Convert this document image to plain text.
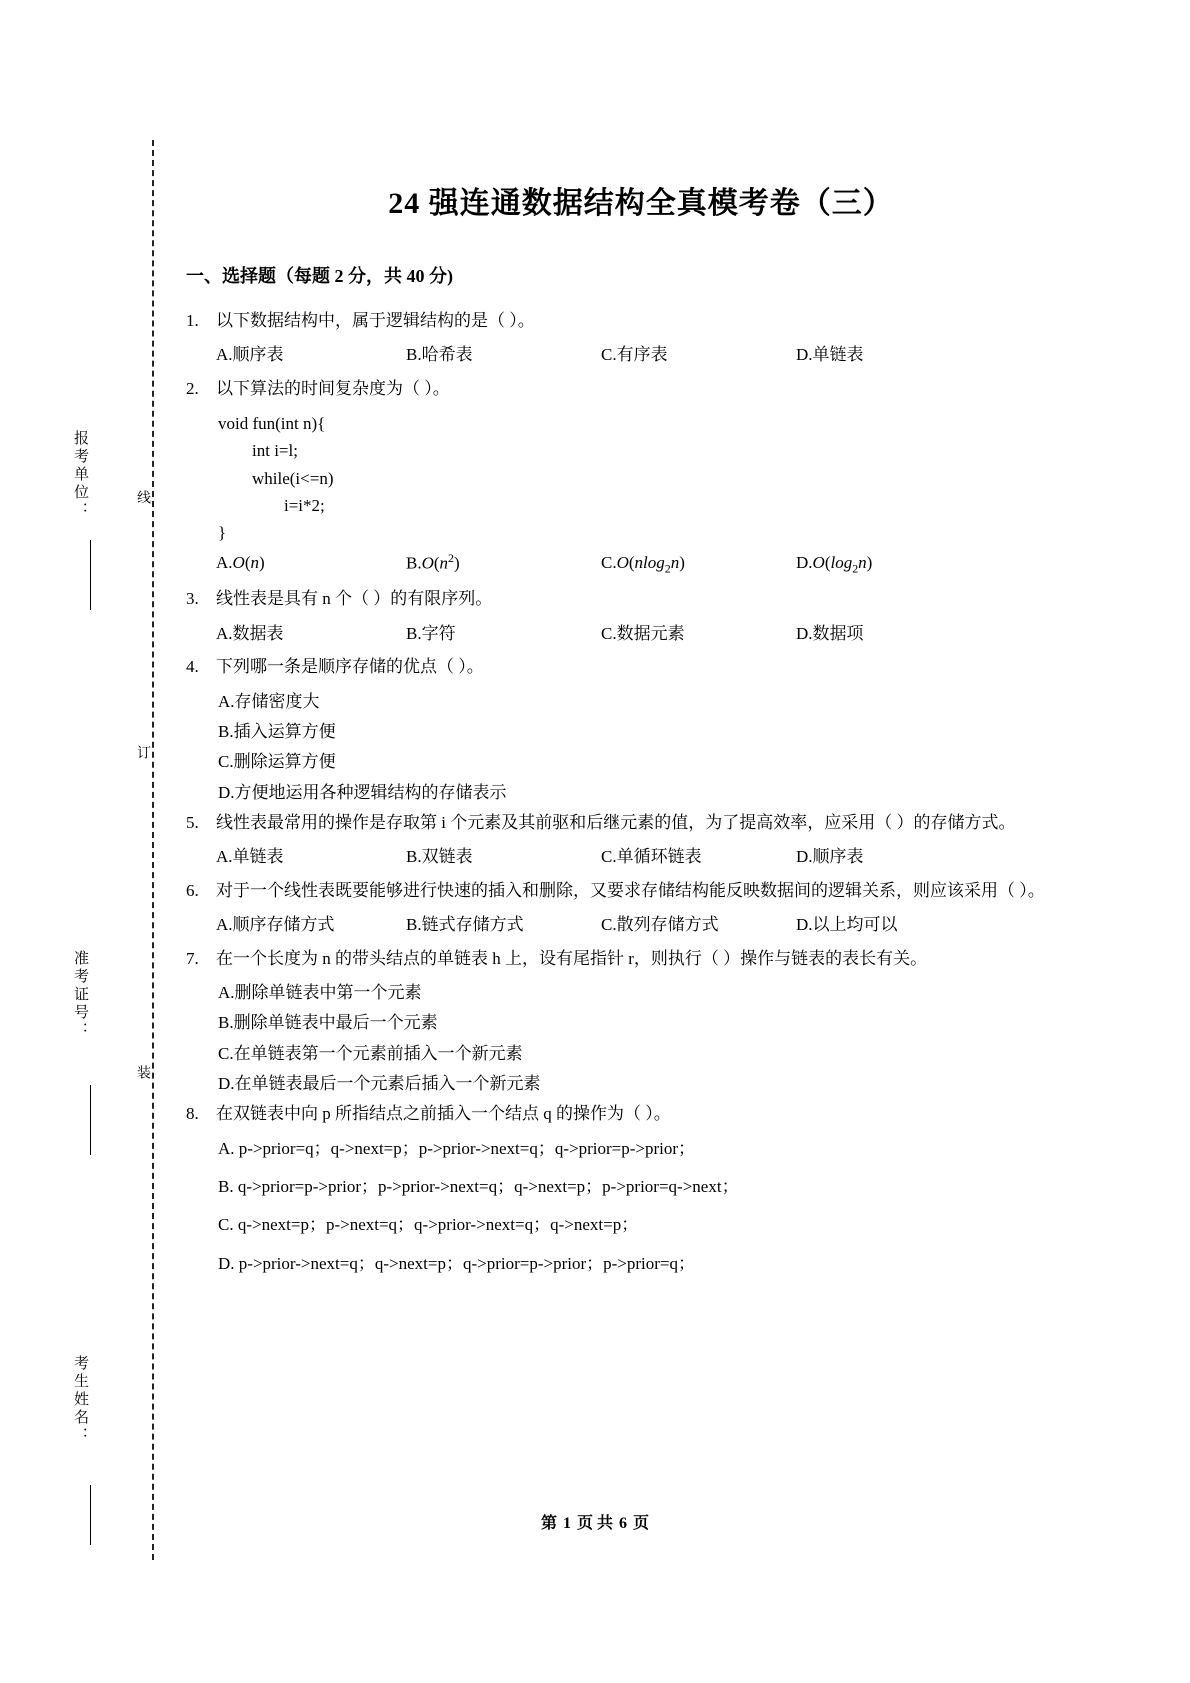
报考单位：
准考证号：
考生姓名：
线
订
装
24 强连通数据结构全真模考卷（三）
一、选择题（每题 2 分，共 40 分)
1.	以下数据结构中，属于逻辑结构的是（ ）。
A.顺序表	B.哈希表	C.有序表	D.单链表
2.	以下算法的时间复杂度为（ ）。
void fun(int n){
int i=l;
while(i<=n)
i=i*2;
}
A.O(n)	$B.O(n^2)$	C.O(nlog$_2$n)	$D.O(\log_2n)$
3.	线性表是具有 n 个（ ）的有限序列。
A.数据表	B.字符	C.数据元素	D.数据项
4.	下列哪一条是顺序存储的优点（ ）。
A.存储密度大
B.插入运算方便
C.删除运算方便
D.方便地运用各种逻辑结构的存储表示
5.	线性表最常用的操作是存取第 i 个元素及其前驱和后继元素的值，为了提高效率，应采用（ ）的存储方式。
A.单链表	B.双链表	C.单循环链表	D.顺序表
6.	对于一个线性表既要能够进行快速的插入和删除，又要求存储结构能反映数据间的逻辑关系，则应该采用（ ）。
A.顺序存储方式	B.链式存储方式	C.散列存储方式	D.以上均可以
7.	在一个长度为 n 的带头结点的单链表 h 上，设有尾指针 r，则执行（ ）操作与链表的表长有关。
A.删除单链表中第一个元素
B.删除单链表中最后一个元素
C.在单链表第一个元素前插入一个新元素
D.在单链表最后一个元素后插入一个新元素
8.	在双链表中向 p 所指结点之前插入一个结点 q 的操作为（ ）。
A. p->prior=q；q->next=p；p->prior->next=q；q->prior=p->prior；
B. q->prior=p->prior；p->prior->next=q；q->next=p；p->prior=q->next；
C. q->next=p；p->next=q；q->prior->next=q；q->next=p；
D. p->prior->next=q；q->next=p；q->prior=p->prior；p->prior=q；
第 1 页 共 6 页
